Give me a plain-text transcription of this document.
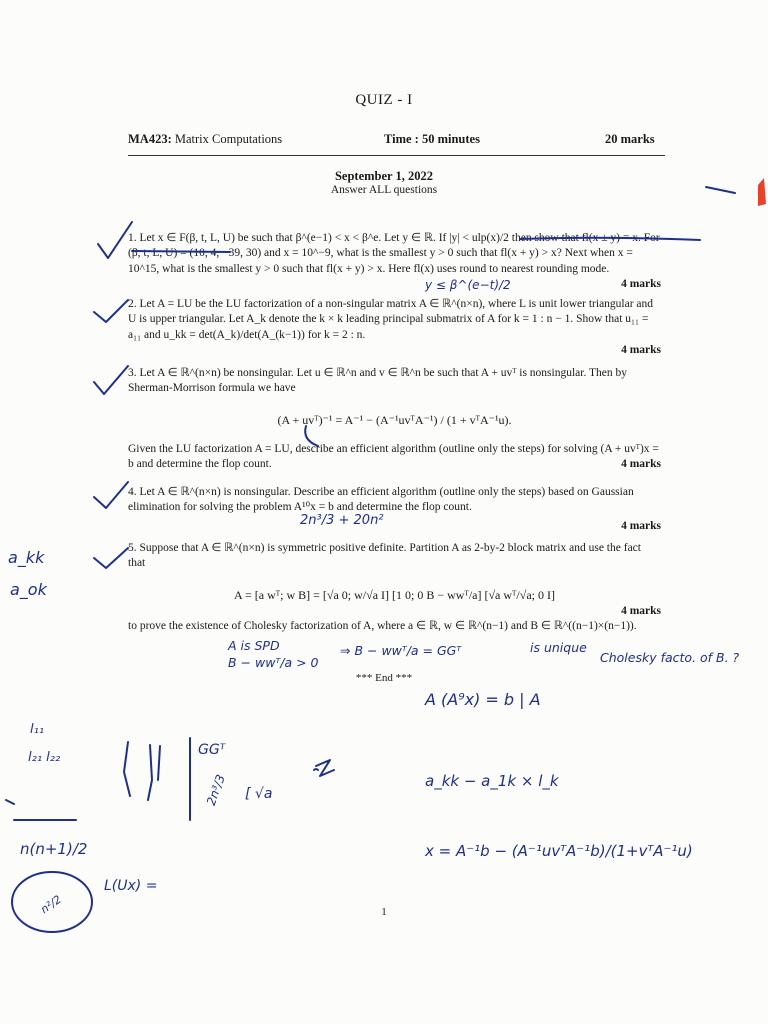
QUIZ - I
MA423: Matrix Computations	Time : 50 minutes	20 marks
September 1, 2022
Answer ALL questions

1. Let x ∈ F(β, t, L, U) be such that β^(e−1) < x < β^e. Let y ∈ ℝ. If |y| < ulp(x)/2 then show that fl(x ± y) = x. For (β, t, L, U) = (10, 4, −39, 30) and x = 10^−9, what is the smallest y > 0 such that fl(x + y) > x? Next when x = 10^15, what is the smallest y > 0 such that fl(x + y) > x. Here fl(x) uses round to nearest rounding mode.

4 marks

2. Let A = LU be the LU factorization of a non-singular matrix A ∈ ℝ^(n×n), where L is unit lower triangular and U is upper triangular. Let A_k denote the k × k leading principal submatrix of A for k = 1 : n − 1. Show that u₁₁ = a₁₁ and u_kk = det(A_k)/det(A_(k−1)) for k = 2 : n.

4 marks

3. Let A ∈ ℝ^(n×n) be nonsingular. Let u ∈ ℝ^n and v ∈ ℝ^n be such that A + uvᵀ is nonsingular. Then by Sherman-Morrison formula we have

(A + uvᵀ)⁻¹ = A⁻¹ − (A⁻¹uvᵀA⁻¹) / (1 + vᵀA⁻¹u).

Given the LU factorization A = LU, describe an efficient algorithm (outline only the steps) for solving (A + uvᵀ)x = b and determine the flop count.	4 marks

4. Let A ∈ ℝ^(n×n) is nonsingular. Describe an efficient algorithm (outline only the steps) based on Gaussian elimination for solving the problem A¹⁰x = b and determine the flop count.

4 marks

5. Suppose that A ∈ ℝ^(n×n) is symmetric positive definite. Partition A as 2-by-2 block matrix and use the fact that

A = [a wᵀ; w B] = [√a 0; w/√a I] [1 0; 0 B − wwᵀ/a] [√a wᵀ/√a; 0 I]

to prove the existence of Cholesky factorization of A, where a ∈ ℝ, w ∈ ℝ^(n−1) and B ∈ ℝ^((n−1)×(n−1)).

4 marks
*** End ***
1
y ≤ β^(e−t)/2
2n³/3 + 20n²
a_kk
a_ok
A is SPD
B − wwᵀ/a > 0
⇒ B − wwᵀ/a = GGᵀ	is unique
Cholesky facto. of B. ?
A (A⁹x) = b | A
l₁₁
l₂₁ l₂₂	GGᵀ
[ √a
2n³/3	a_kk − a_1k × l_k
n(n+1)/2
n²/2
L(Ux) =
x = A⁻¹b − (A⁻¹uvᵀA⁻¹b)/(1+vᵀA⁻¹u)
